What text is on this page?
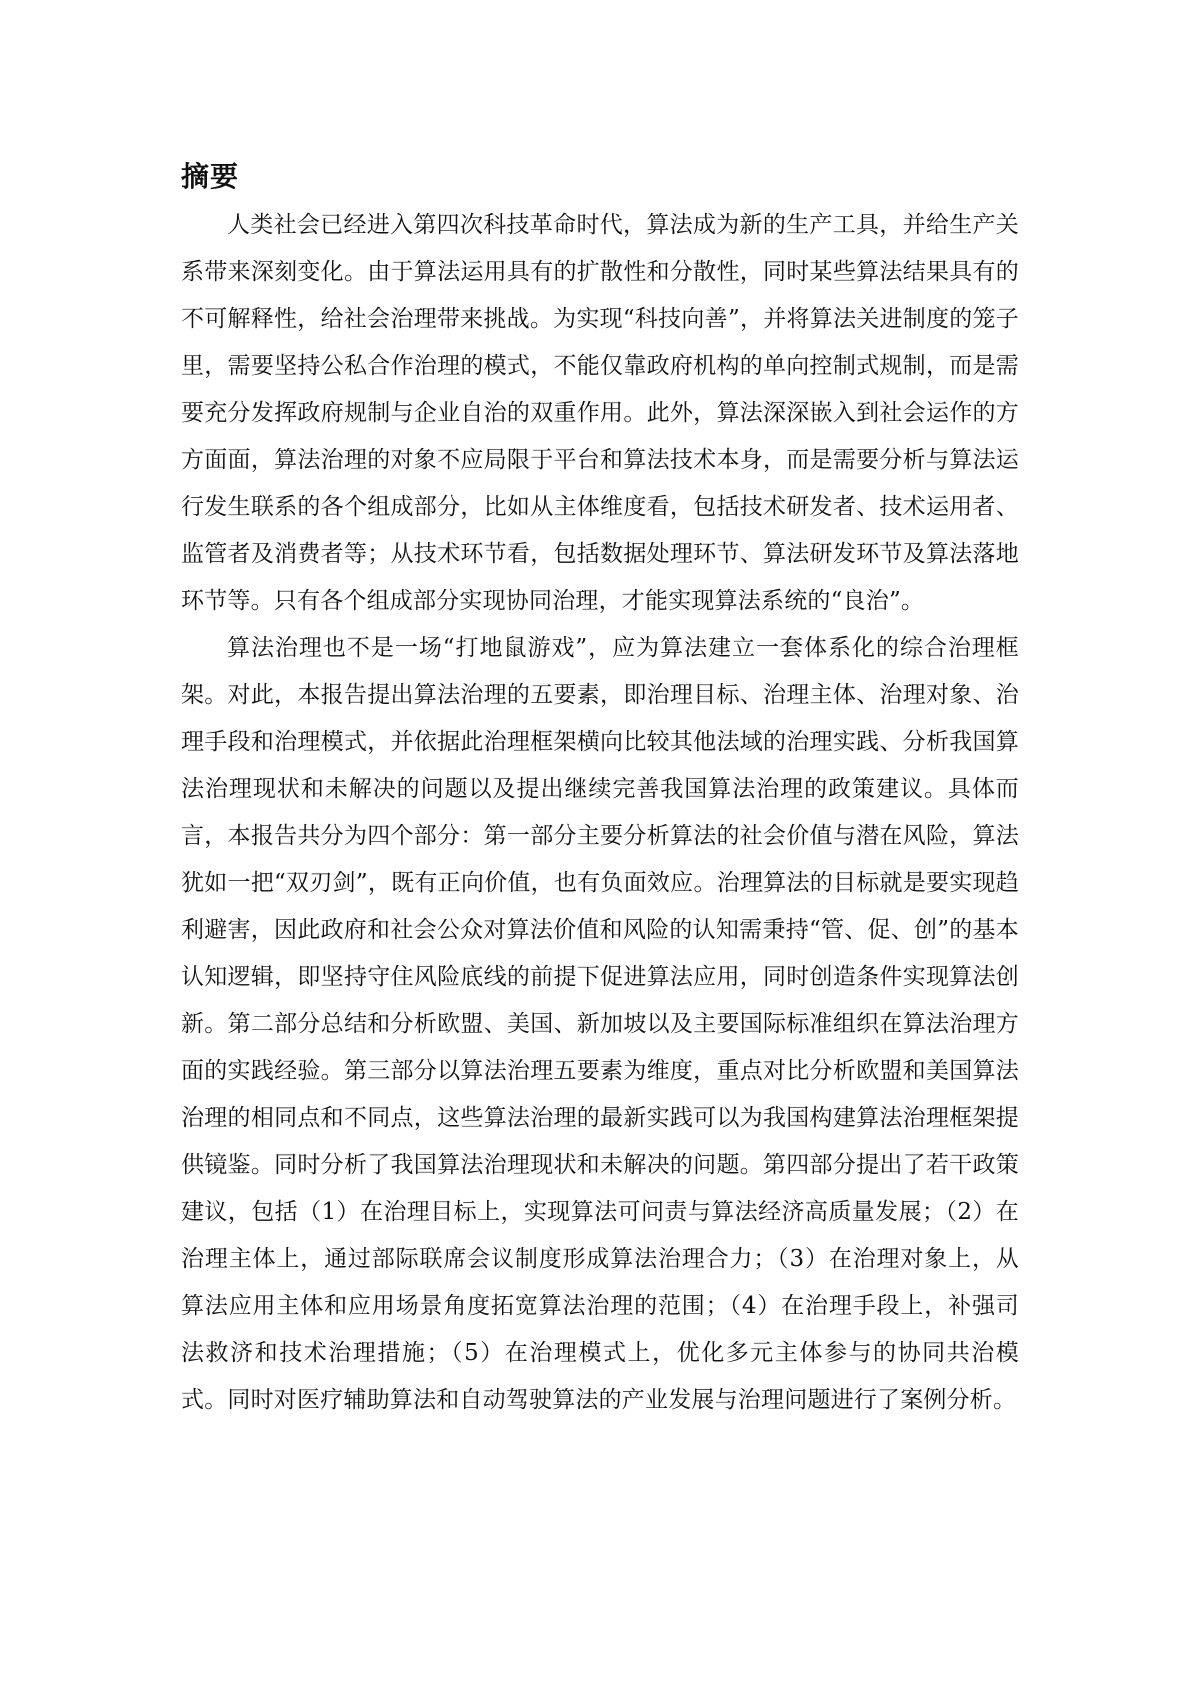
摘要

人类社会已经进入第四次科技革命时代，算法成为新的生产工具，并给生产关系带来深刻变化。由于算法运用具有的扩散性和分散性，同时某些算法结果具有的不可解释性，给社会治理带来挑战。为实现“科技向善”，并将算法关进制度的笼子里，需要坚持公私合作治理的模式，不能仅靠政府机构的单向控制式规制，而是需要充分发挥政府规制与企业自治的双重作用。此外，算法深深嵌入到社会运作的方方面面，算法治理的对象不应局限于平台和算法技术本身，而是需要分析与算法运行发生联系的各个组成部分，比如从主体维度看，包括技术研发者、技术运用者、监管者及消费者等；从技术环节看，包括数据处理环节、算法研发环节及算法落地环节等。只有各个组成部分实现协同治理，才能实现算法系统的“良治”。

算法治理也不是一场“打地鼠游戏”，应为算法建立一套体系化的综合治理框架。对此，本报告提出算法治理的五要素，即治理目标、治理主体、治理对象、治理手段和治理模式，并依据此治理框架横向比较其他法域的治理实践、分析我国算法治理现状和未解决的问题以及提出继续完善我国算法治理的政策建议。具体而言，本报告共分为四个部分：第一部分主要分析算法的社会价值与潜在风险，算法犹如一把“双刃剑”，既有正向价值，也有负面效应。治理算法的目标就是要实现趋利避害，因此政府和社会公众对算法价值和风险的认知需秉持“管、促、创”的基本认知逻辑，即坚持守住风险底线的前提下促进算法应用，同时创造条件实现算法创新。第二部分总结和分析欧盟、美国、新加坡以及主要国际标准组织在算法治理方面的实践经验。第三部分以算法治理五要素为维度，重点对比分析欧盟和美国算法治理的相同点和不同点，这些算法治理的最新实践可以为我国构建算法治理框架提供镜鉴。同时分析了我国算法治理现状和未解决的问题。第四部分提出了若干政策建议，包括（1）在治理目标上，实现算法可问责与算法经济高质量发展；（2）在治理主体上，通过部际联席会议制度形成算法治理合力；（3）在治理对象上，从算法应用主体和应用场景角度拓宽算法治理的范围；（4）在治理手段上，补强司法救济和技术治理措施；（5）在治理模式上，优化多元主体参与的协同共治模式。同时对医疗辅助算法和自动驾驶算法的产业发展与治理问题进行了案例分析。
